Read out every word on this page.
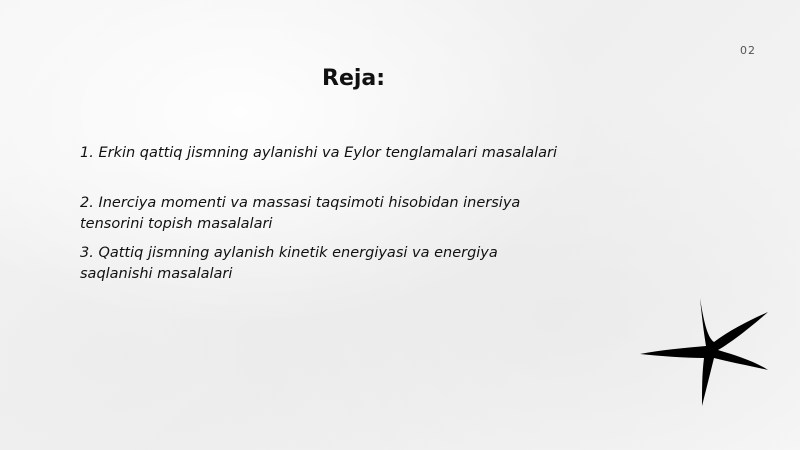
02
Reja:
1. Erkin qattiq jismning aylanishi va Eylor tenglamalari masalalari
2. Inerciya momenti va massasi taqsimoti hisobidan inersiya tensorini topish masalalari
3. Qattiq jismning aylanish kinetik energiyasi va energiya saqlanishi masalalari
